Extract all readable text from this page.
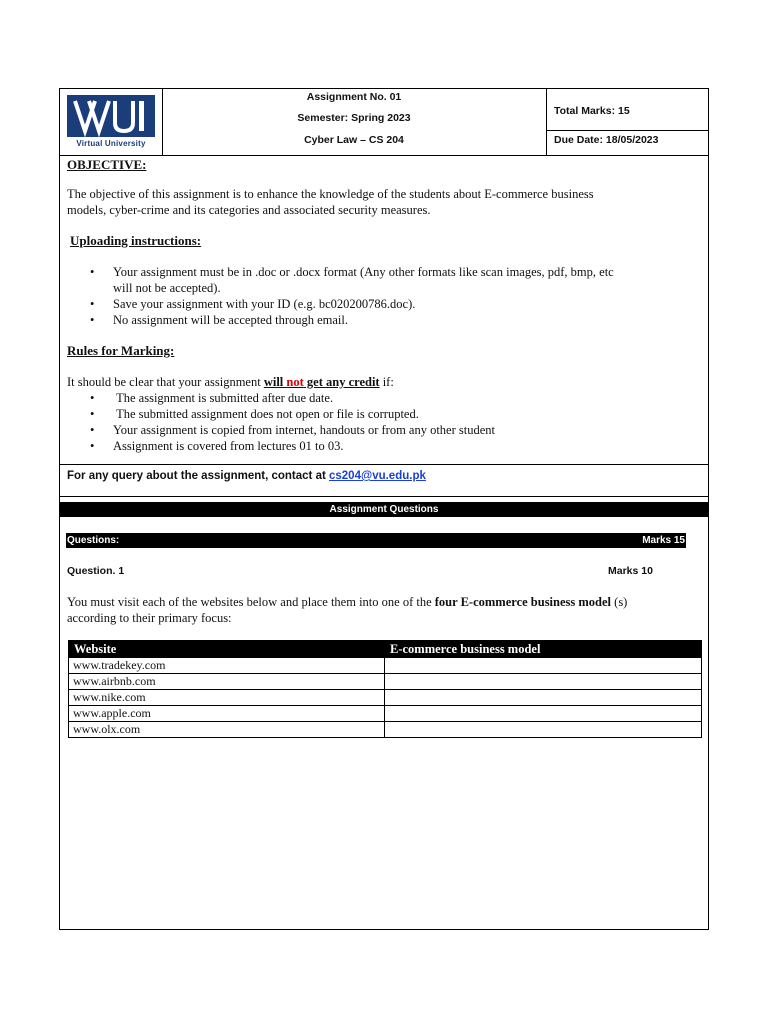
Virtual University
Assignment No. 01
Semester: Spring 2023
Cyber Law – CS 204
Total Marks: 15
Due Date: 18/05/2023
OBJECTIVE:
The objective of this assignment is to enhance the knowledge of the students about E-commerce business
models, cyber-crime and its categories and associated security measures.
Uploading instructions:
• Your assignment must be in .doc or .docx format (Any other formats like scan images, pdf, bmp, etc
will not be accepted).
• Save your assignment with your ID (e.g. bc020200786.doc).
• No assignment will be accepted through email.
Rules for Marking:
It should be clear that your assignment will not get any credit if:
• The assignment is submitted after due date.
• The submitted assignment does not open or file is corrupted.
• Your assignment is copied from internet, handouts or from any other student
• Assignment is covered from lectures 01 to 03.
For any query about the assignment, contact at cs204@vu.edu.pk
Assignment Questions
Questions:	Marks 15
Question. 1	Marks 10
You must visit each of the websites below and place them into one of the four E-commerce business model (s)
according to their primary focus:
Website	E-commerce business model
www.tradekey.com	
www.airbnb.com	
www.nike.com	
www.apple.com	
www.olx.com	
